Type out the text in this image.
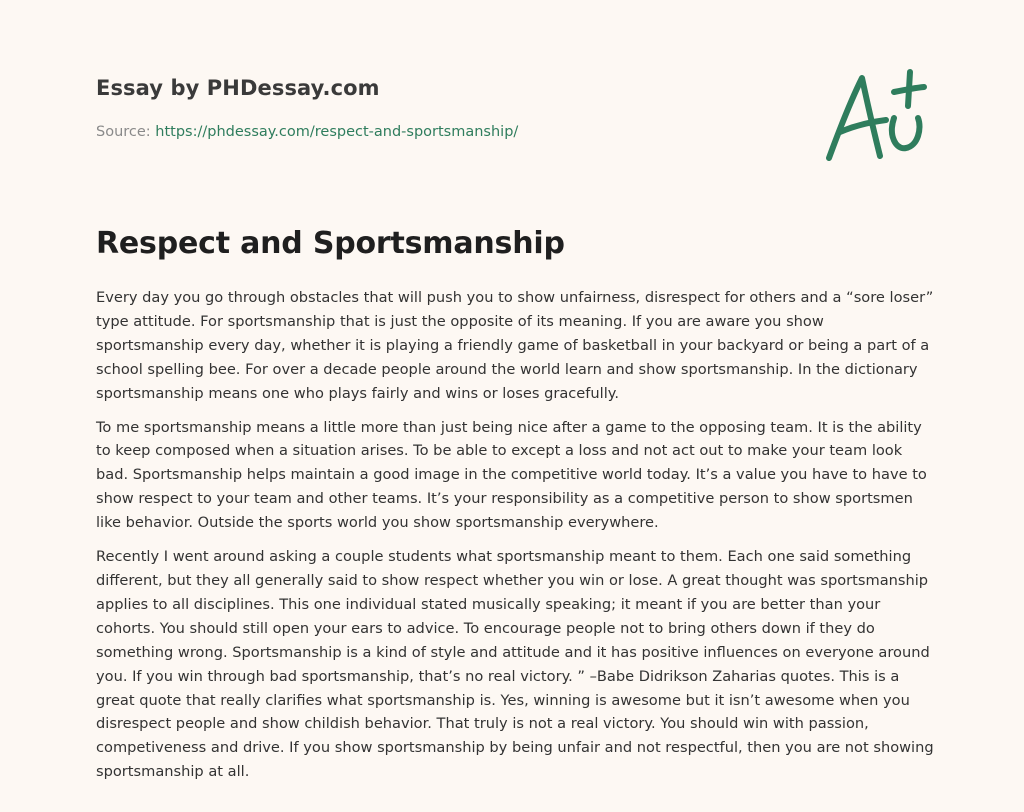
Essay by PHDessay.com
Source: https://phdessay.com/respect-and-sportsmanship/
Respect and Sportsmanship

Every day you go through obstacles that will push you to show unfairness, disrespect for others and a “sore loser” type attitude. For sportsmanship that is just the opposite of its meaning. If you are aware you show sportsmanship every day, whether it is playing a friendly game of basketball in your backyard or being a part of a school spelling bee. For over a decade people around the world learn and show sportsmanship. In the dictionary sportsmanship means one who plays fairly and wins or loses gracefully.

To me sportsmanship means a little more than just being nice after a game to the opposing team. It is the ability to keep composed when a situation arises. To be able to except a loss and not act out to make your team look bad. Sportsmanship helps maintain a good image in the competitive world today. It’s a value you have to have to show respect to your team and other teams. It’s your responsibility as a competitive person to show sportsmen like behavior. Outside the sports world you show sportsmanship everywhere.

Recently I went around asking a couple students what sportsmanship meant to them. Each one said something different, but they all generally said to show respect whether you win or lose. A great thought was sportsmanship applies to all disciplines. This one individual stated musically speaking; it meant if you are better than your cohorts. You should still open your ears to advice. To encourage people not to bring others down if they do something wrong. Sportsmanship is a kind of style and attitude and it has positive influences on everyone around you. If you win through bad sportsmanship, that’s no real victory. ” –Babe Didrikson Zaharias quotes. This is a great quote that really clarifies what sportsmanship is. Yes, winning is awesome but it isn’t awesome when you disrespect people and show childish behavior. That truly is not a real victory. You should win with passion, competiveness and drive. If you show sportsmanship by being unfair and not respectful, then you are not showing sportsmanship at all.
